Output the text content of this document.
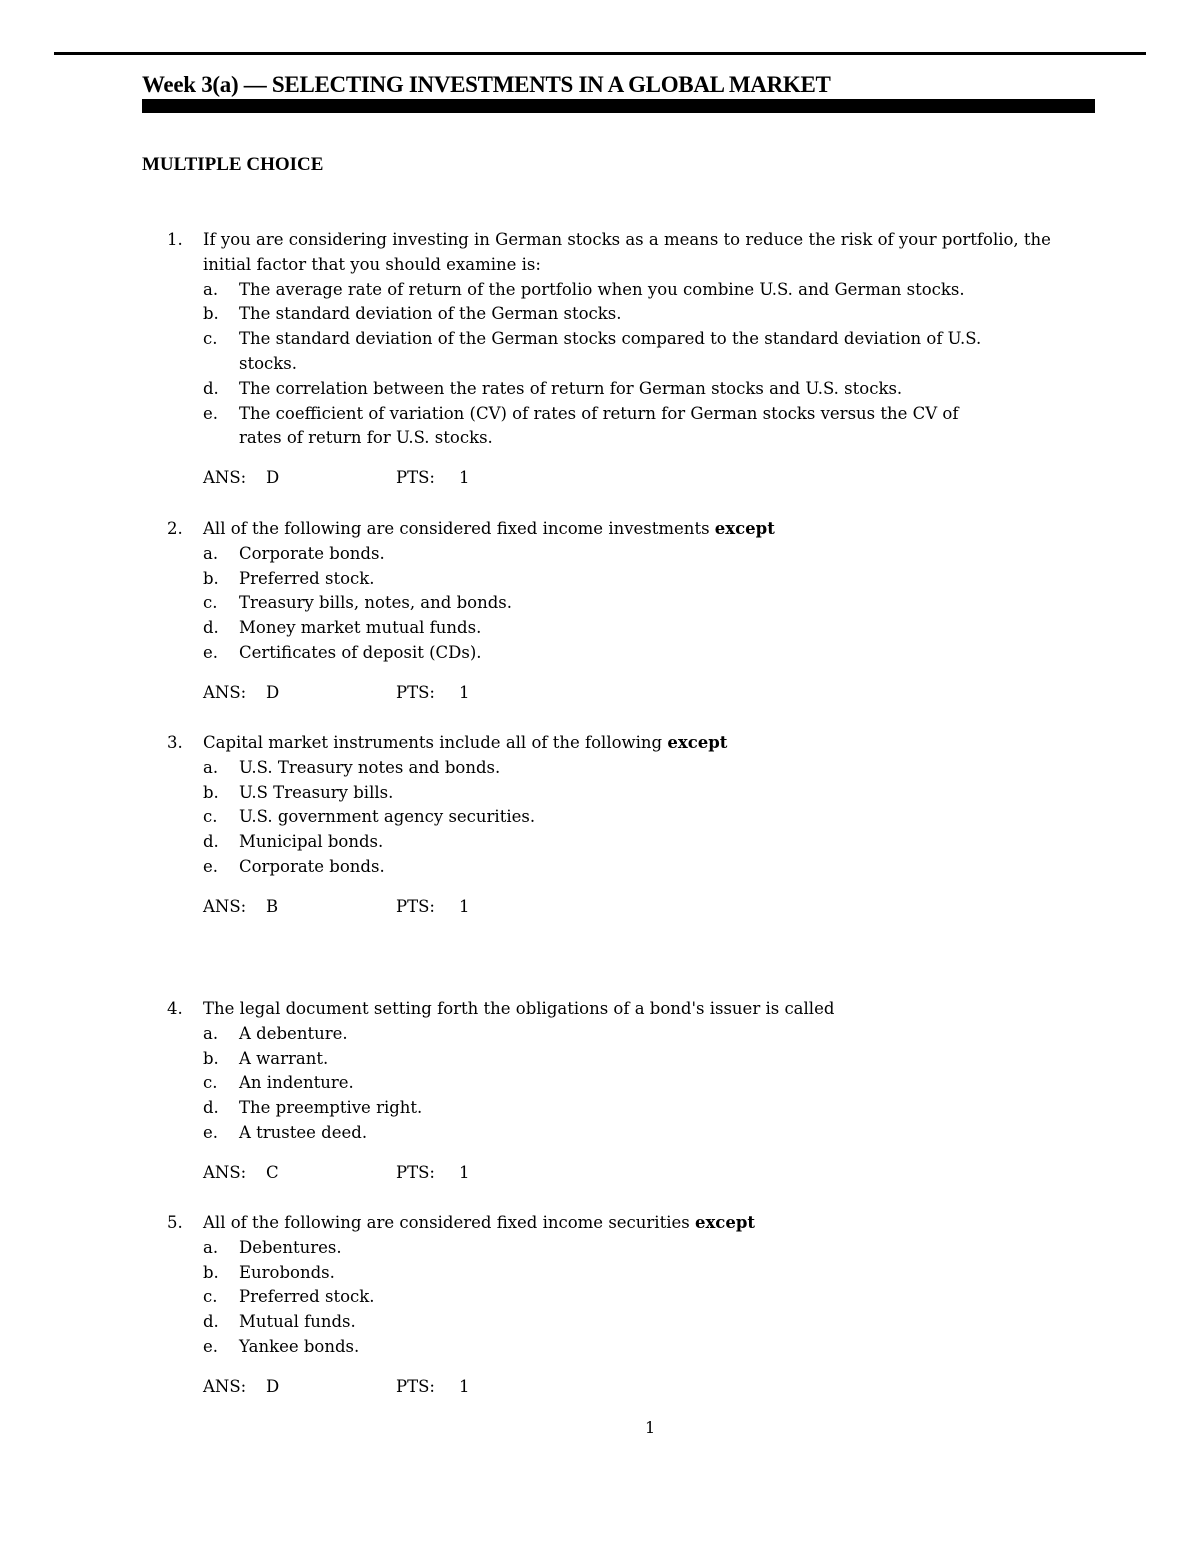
Week 3(a) — SELECTING INVESTMENTS IN A GLOBAL MARKET
MULTIPLE CHOICE
1. If you are considering investing in German stocks as a means to reduce the risk of your portfolio, the
initial factor that you should examine is:
a. The average rate of return of the portfolio when you combine U.S. and German stocks.
b. The standard deviation of the German stocks.
c. The standard deviation of the German stocks compared to the standard deviation of U.S.
stocks.
d. The correlation between the rates of return for German stocks and U.S. stocks.
e. The coefficient of variation (CV) of rates of return for German stocks versus the CV of
rates of return for U.S. stocks.
ANS: D	PTS: 1
2. All of the following are considered fixed income investments except
a. Corporate bonds.
b. Preferred stock.
c. Treasury bills, notes, and bonds.
d. Money market mutual funds.
e. Certificates of deposit (CDs).
ANS: D	PTS: 1
3. Capital market instruments include all of the following except
a. U.S. Treasury notes and bonds.
b. U.S Treasury bills.
c. U.S. government agency securities.
d. Municipal bonds.
e. Corporate bonds.
ANS: B	PTS: 1
4. The legal document setting forth the obligations of a bond's issuer is called
a. A debenture.
b. A warrant.
c. An indenture.
d. The preemptive right.
e. A trustee deed.
ANS: C	PTS: 1
5. All of the following are considered fixed income securities except
a. Debentures.
b. Eurobonds.
c. Preferred stock.
d. Mutual funds.
e. Yankee bonds.
ANS: D	PTS: 1
1
